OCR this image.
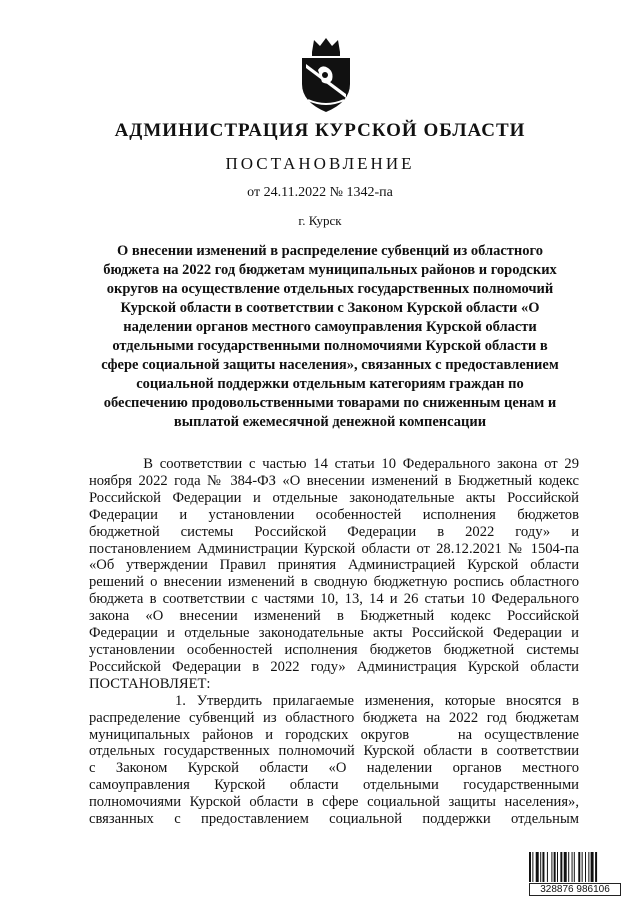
АДМИНИСТРАЦИЯ КУРСКОЙ ОБЛАСТИ
ПОСТАНОВЛЕНИЕ
от 24.11.2022 № 1342-па
г. Курск
О внесении изменений в распределение субвенций из областного
бюджета на 2022 год бюджетам муниципальных районов и городских
округов на осуществление отдельных государственных полномочий
Курской области в соответствии с Законом Курской области «О
наделении органов местного самоуправления Курской области
отдельными государственными полномочиями Курской области в
сфере социальной защиты населения», связанных с предоставлением
социальной поддержки отдельным категориям граждан по
обеспечению продовольственными товарами по сниженным ценам и
выплатой ежемесячной денежной компенсации
В соответствии с частью 14 статьи 10 Федерального закона от 29
ноября 2022 года № 384-ФЗ «О внесении изменений в Бюджетный кодекс
Российской Федерации и отдельные законодательные акты Российской
Федерации и установлении особенностей исполнения бюджетов
бюджетной системы Российской Федерации в 2022 году» и
постановлением Администрации Курской области от 28.12.2021 № 1504-па
«Об утверждении Правил принятия Администрацией Курской области
решений о внесении изменений в сводную бюджетную роспись областного
бюджета в соответствии с частями 10, 13, 14 и 26 статьи 10 Федерального
закона «О внесении изменений в Бюджетный кодекс Российской
Федерации и отдельные законодательные акты Российской Федерации и
установлении особенностей исполнения бюджетов бюджетной системы
Российской Федерации в 2022 году» Администрация Курской области
ПОСТАНОВЛЯЕТ:
1. Утвердить прилагаемые изменения, которые вносятся в
распределение субвенций из областного бюджета на 2022 год бюджетам
муниципальных районов и городских округов    на осуществление
отдельных государственных полномочий Курской области в соответствии
с Законом Курской области «О наделении органов местного
самоуправления Курской области отдельными государственными
полномочиями Курской области в сфере социальной защиты населения»,
связанных с предоставлением социальной поддержки отдельным
328876 986106
